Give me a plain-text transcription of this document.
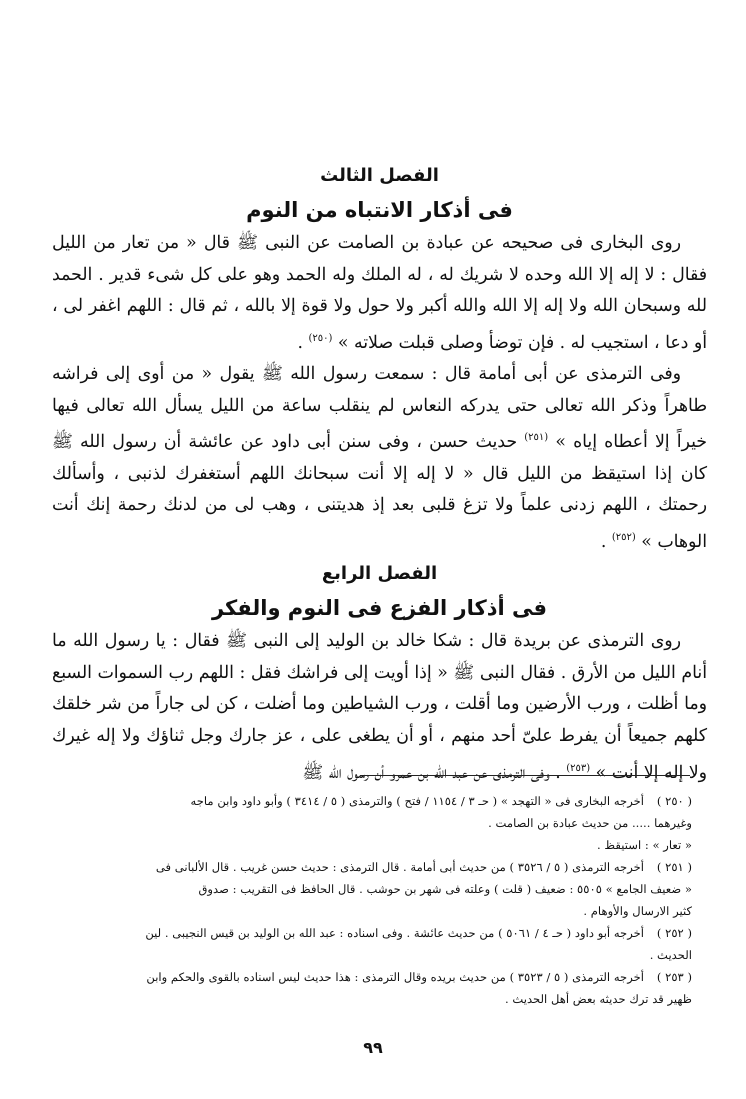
الفصل الثالث
فى أذكار الانتباه من النوم

روى البخارى فى صحيحه عن عبادة بن الصامت عن النبى ﷺ قال « من تعار من الليل فقال : لا إله إلا الله وحده لا شريك له ، له الملك وله الحمد وهو على كل شىء قدير . الحمد لله وسبحان الله ولا إله إلا الله والله أكبر ولا حول ولا قوة إلا بالله ، ثم قال : اللهم اغفر لى ، أو دعا ، استجيب له . فإن توضأ وصلى قبلت صلاته » $^{(٢٥٠)}$ .

وفى الترمذى عن أبى أمامة قال : سمعت رسول الله ﷺ يقول « من أوى إلى فراشه طاهراً وذكر الله تعالى حتى يدركه النعاس لم ينقلب ساعة من الليل يسأل الله تعالى فيها خيراً إلا أعطاه إياه » $^{(٢٥١)}$ حديث حسن ، وفى سنن أبى داود عن عائشة أن رسول الله ﷺ كان إذا استيقظ من الليل قال « لا إله إلا أنت سبحانك اللهم أستغفرك لذنبى ، وأسألك رحمتك ، اللهم زدنى علماً ولا تزغ قلبى بعد إذ هديتنى ، وهب لى من لدنك رحمة إنك أنت الوهاب » $^{(٢٥٢)}$ .

الفصل الرابع
فى أذكار الفزع فى النوم والفكر

روى الترمذى عن بريدة قال : شكا خالد بن الوليد إلى النبى ﷺ فقال : يا رسول الله ما أنام الليل من الأرق . فقال النبى ﷺ « إذا أويت إلى فراشك فقل : اللهم رب السموات السبع وما أظلت ، ورب الأرضين وما أقلت ، ورب الشياطين وما أضلت ، كن لى جاراً من شر خلقك كلهم جميعاً أن يفرط علىّ أحد منهم ، أو أن يطغى على ، عز جارك وجل ثناؤك ولا إله غيرك ولا إله إلا أنت » $^{(٢٥٣)}$ . وفى الترمذى عن عبد الله بن عمرو أن رسول الله ﷺ

( ٢٥٠ )أخرجه البخارى فى « التهجد » ( حـ ٣ / ١١٥٤ / فتح ) والترمذى ( ٥ / ٣٤١٤ ) وأبو داود وابن ماجه

وغيرهما ..... من حديث عبادة بن الصامت .

« تعار » : استيقظ .

( ٢٥١ )أخرجه الترمذى ( ٥ / ٣٥٢٦ ) من حديث أبى أمامة . قال الترمذى : حديث حسن غريب . قال الألبانى فى

« ضعيف الجامع » ٥٥٠٥ : ضعيف ( قلت ) وعلته فى شهر بن حوشب . قال الحافظ فى التقريب : صدوق

كثير الارسال والأوهام .

( ٢٥٢ )أخرجه أبو داود ( حـ ٤ / ٥٠٦١ ) من حديث عائشة . وفى اسناده : عبد الله بن الوليد بن قيس النجيبى . لين

الحديث .

( ٢٥٣ )أخرجه الترمذى ( ٥ / ٣٥٢٣ ) من حديث بريده وقال الترمذى : هذا حديث ليس اسناده بالقوى والحكم وابن

ظهير قد ترك حديثه بعض أهل الحديث .

٩٩
